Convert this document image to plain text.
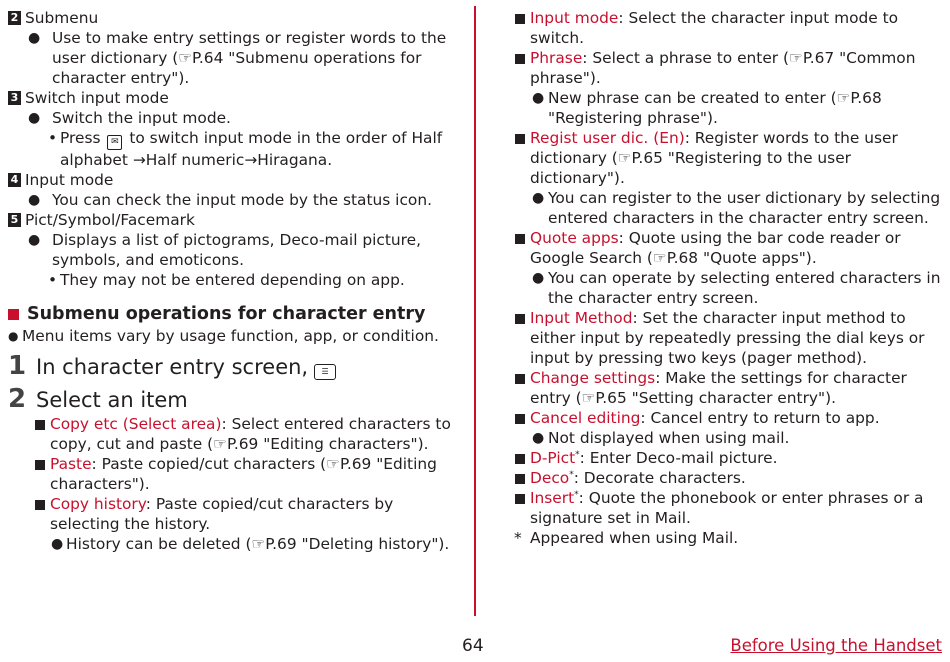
2 Submenu
● Use to make entry settings or register words to the user dictionary (☞P.64 "Submenu operations for character entry").
3 Switch input mode
● Switch the input mode.
• Press ✉ to switch input mode in the order of Half alphabet →Half numeric→Hiragana.
4 Input mode
● You can check the input mode by the status icon.
5 Pict/Symbol/Facemark
● Displays a list of pictograms, Deco-mail picture, symbols, and emoticons.
• They may not be entered depending on app.
Submenu operations for character entry
● Menu items vary by usage function, app, or condition.
1 In character entry screen,	☰
2 Select an item
Copy etc (Select area): Select entered characters to copy, cut and paste (☞P.69 "Editing characters").
Paste: Paste copied/cut characters (☞P.69 "Editing characters").
Copy history: Paste copied/cut characters by selecting the history.
● History can be deleted (☞P.69 "Deleting history").
Input mode: Select the character input mode to switch.
Phrase: Select a phrase to enter (☞P.67 "Common phrase").
● New phrase can be created to enter (☞P.68 "Registering phrase").
Regist user dic. (En): Register words to the user dictionary (☞P.65 "Registering to the user dictionary").
● You can register to the user dictionary by selecting entered characters in the character entry screen.
Quote apps: Quote using the bar code reader or Google Search (☞P.68 "Quote apps").
● You can operate by selecting entered characters in the character entry screen.
Input Method: Set the character input method to either input by repeatedly pressing the dial keys or input by pressing two keys (pager method).
Change settings: Make the settings for character entry (☞P.65 "Setting character entry").
Cancel editing: Cancel entry to return to app.
● Not displayed when using mail.
D-Pict*: Enter Deco-mail picture.
Deco*: Decorate characters.
Insert*: Quote the phonebook or enter phrases or a signature set in Mail.
* Appeared when using Mail.
64	Before Using the Handset
